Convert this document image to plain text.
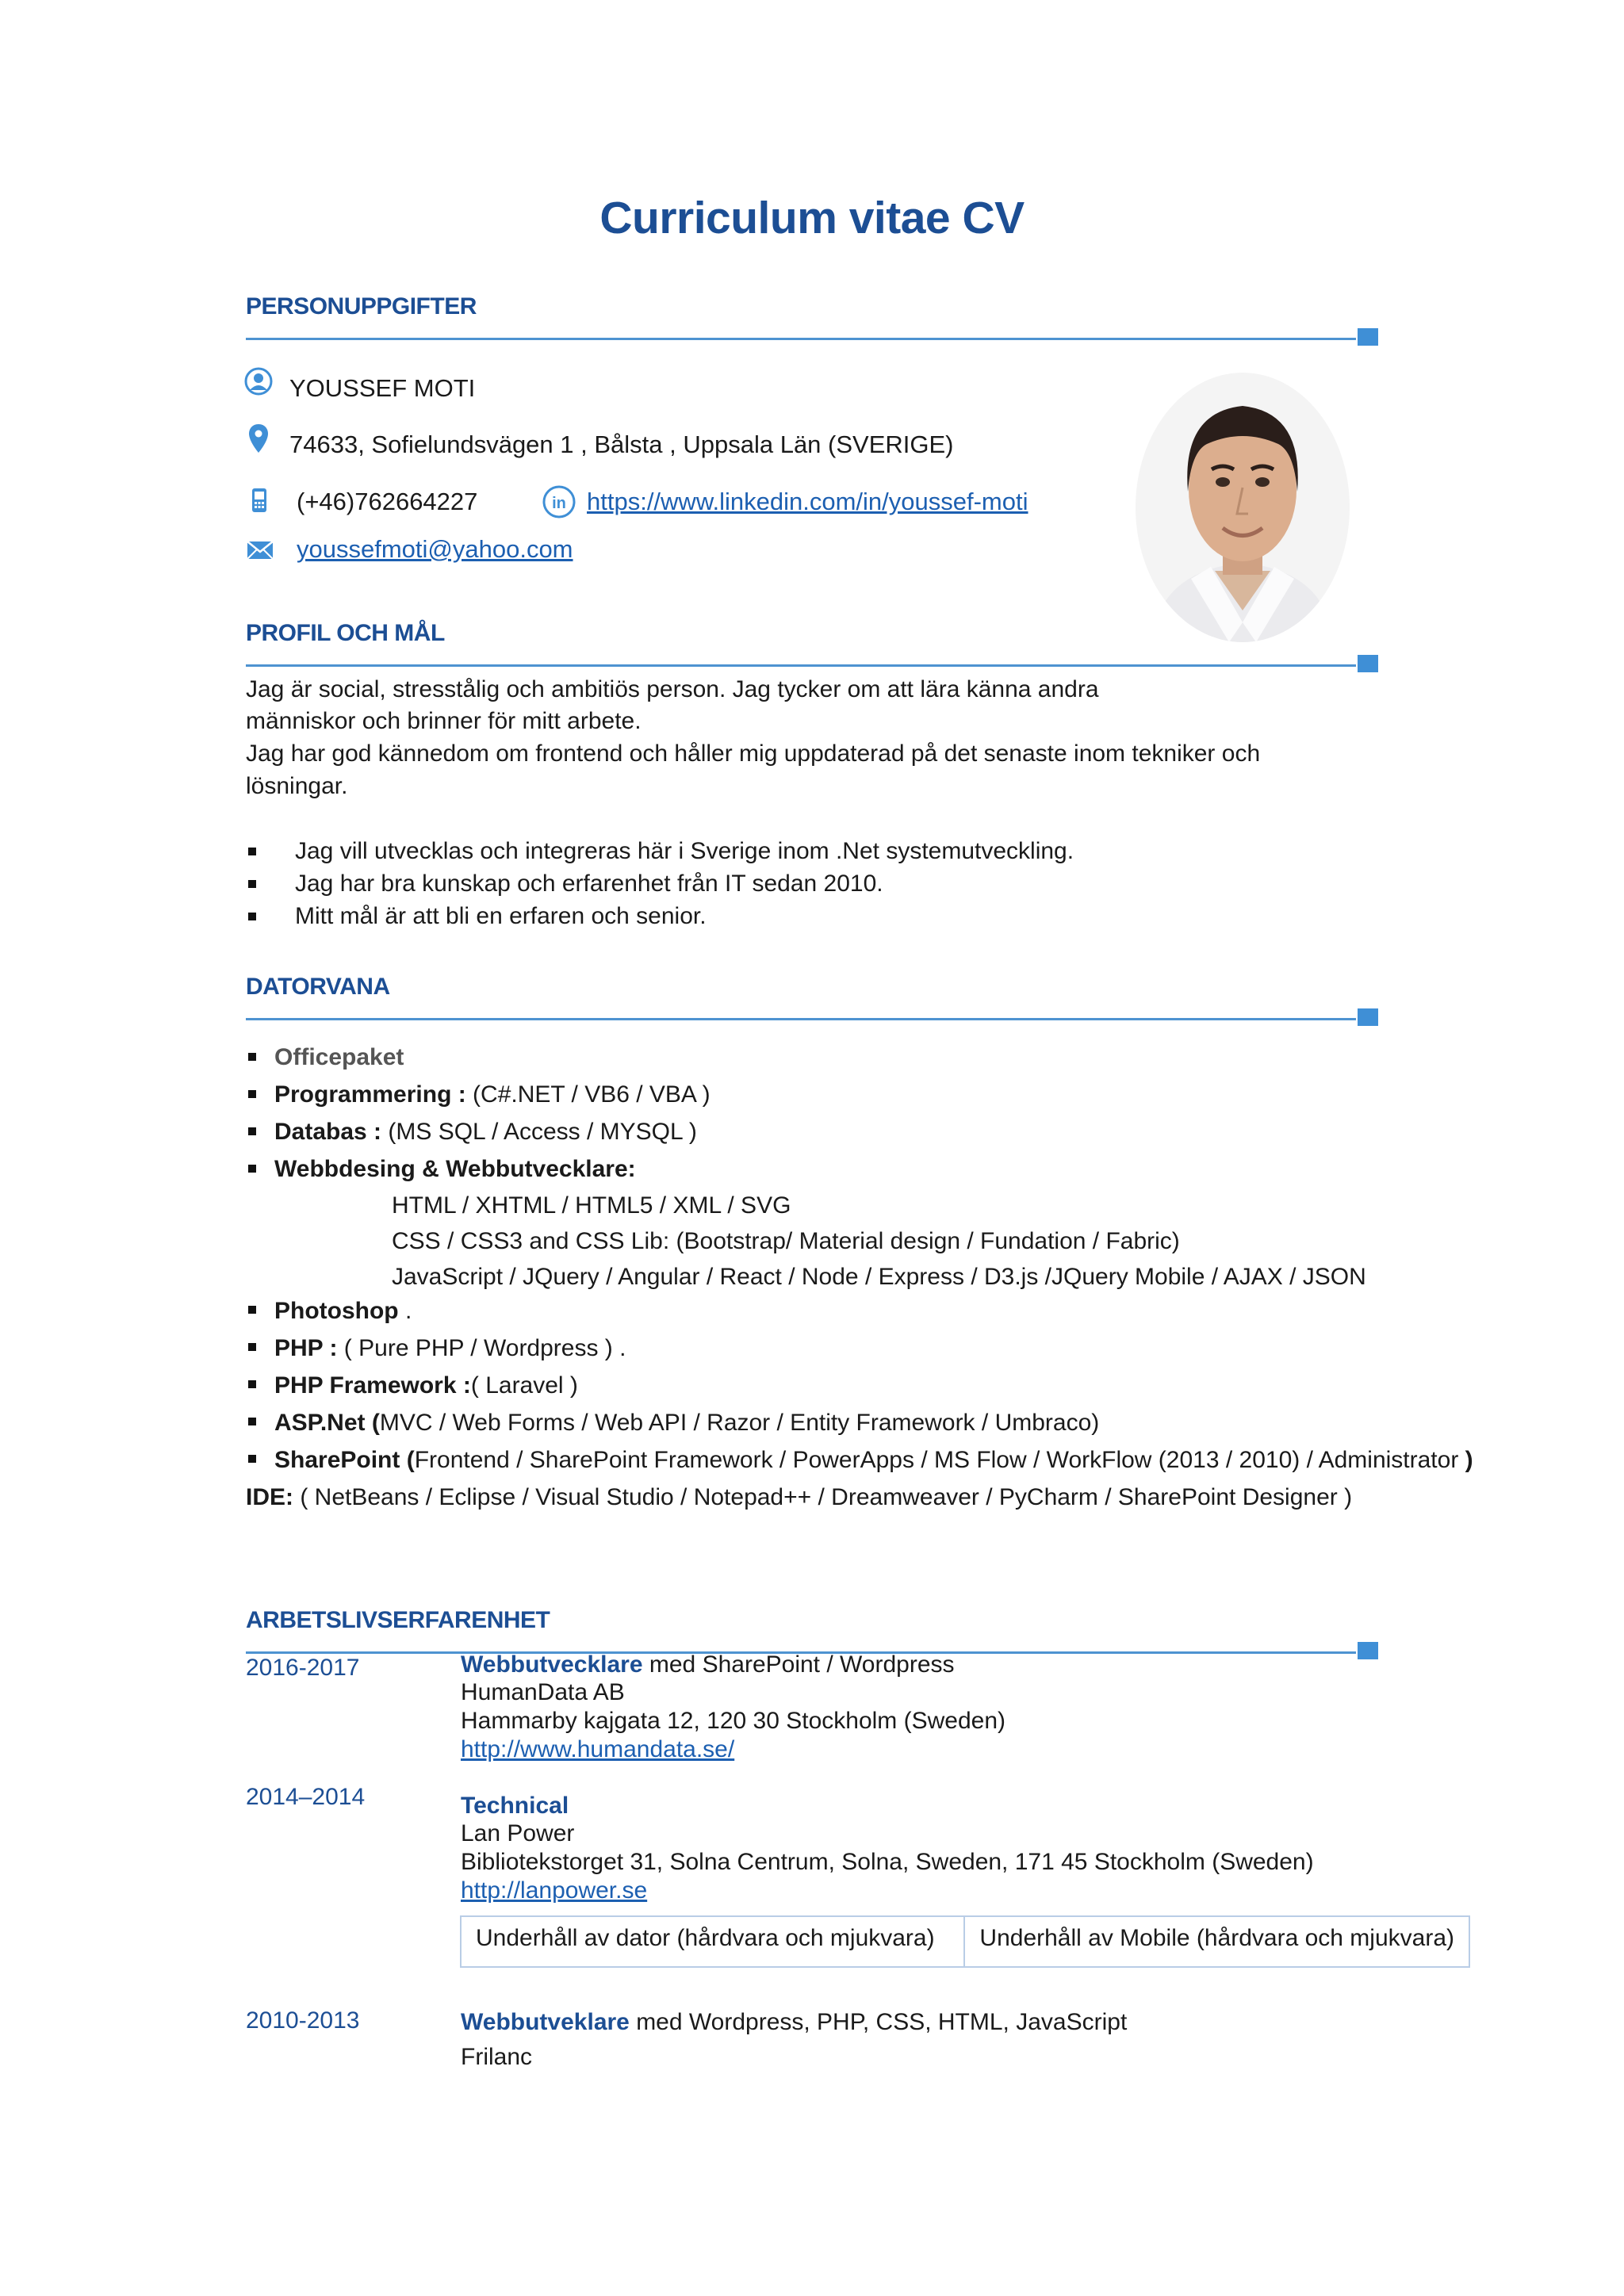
Curriculum vitae CV
PERSONUPPGIFTER
YOUSSEF MOTI
74633, Sofielundsvägen 1 , Bålsta , Uppsala Län (SVERIGE)
(+46)762664227	in https://www.linkedin.com/in/youssef-moti
youssefmoti@yahoo.com
PROFIL OCH MÅL
Jag är social, stresstålig och ambitiös person. Jag tycker om att lära känna andra
människor och brinner för mitt arbete.
Jag har god kännedom om frontend och håller mig uppdaterad på det senaste inom tekniker och
lösningar.
Jag vill utvecklas och integreras här i Sverige inom .Net systemutveckling.
Jag har bra kunskap och erfarenhet från IT sedan 2010.
Mitt mål är att bli en erfaren och senior.
DATORVANA
Officepaket
Programmering : (C#.NET / VB6 / VBA )
Databas : (MS SQL / Access / MYSQL )
Webbdesing & Webbutvecklare:
HTML / XHTML / HTML5 / XML / SVG
CSS / CSS3 and CSS Lib: (Bootstrap/ Material design / Fundation / Fabric)
JavaScript / JQuery / Angular / React / Node / Express / D3.js /JQuery Mobile / AJAX / JSON
Photoshop .
PHP : ( Pure PHP / Wordpress ) .
PHP Framework :( Laravel )
ASP.Net (MVC / Web Forms / Web API / Razor / Entity Framework / Umbraco)
SharePoint (Frontend / SharePoint Framework / PowerApps / MS Flow / WorkFlow (2013 / 2010) / Administrator )
IDE: ( NetBeans / Eclipse / Visual Studio / Notepad++ / Dreamweaver / PyCharm / SharePoint Designer )
ARBETSLIVSERFARENHET
2016-2017	Webbutvecklare med SharePoint / Wordpress
HumanData AB
Hammarby kajgata 12, 120 30 Stockholm (Sweden)
http://www.humandata.se/
2014–2014	Technical
Lan Power
Bibliotekstorget 31, Solna Centrum, Solna, Sweden, 171 45 Stockholm (Sweden)
http://lanpower.se
Underhåll av dator (hårdvara och mjukvara)	Underhåll av Mobile (hårdvara och mjukvara)
2010-2013	Webbutveklare med Wordpress, PHP, CSS, HTML, JavaScript
Frilanc
